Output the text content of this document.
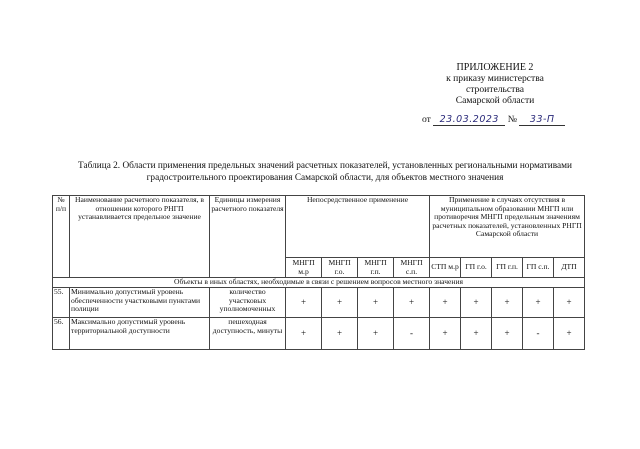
ПРИЛОЖЕНИЕ 2
к приказу министерства
строительства
Самарской области
от 23.03.2023 № 33-П
Таблица 2. Области применения предельных значений расчетных показателей, установленных региональными нормативами градостроительного проектирования Самарской области, для объектов местного значения
№ п/п	Наименование расчетного показателя, в отношении которого РНГП устанавливается предельное значение	Единицы измерения расчетного показателя	Непосредственное применение				Применение в случаях отсутствия в муниципальном образовании МНГП или противоречия МНГП предельным значениям расчетных показателей, установленных РНГП Самарской области				
			МНГП м.р	МНГП г.о.	МНГП г.п.	МНГП с.п.	СТП м.р	ГП г.о.	ГП г.п.	ГП с.п.	ДТП
Объекты в иных областях, необходимые в связи с решением вопросов местного значения											
55.	Минимально допустимый уровень обеспеченности участковыми пунктами полиции	количество участковых уполномоченных	+	+	+	+	+	+	+	+	+
56.	Максимально допустимый уровень территориальной доступности	пешеходная доступность, минуты	+	+	+	-	+	+	+	-	+
